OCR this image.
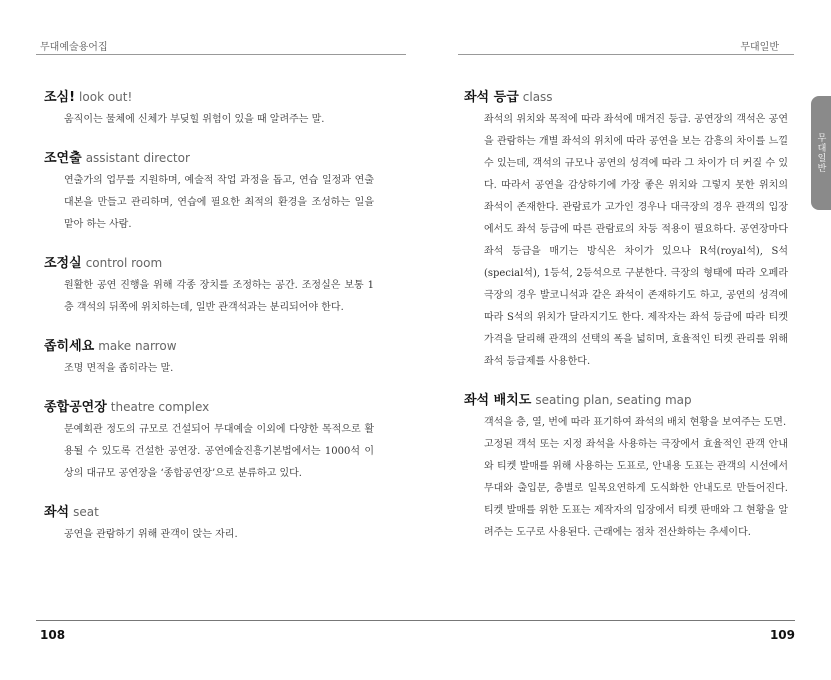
무대예술용어집	무대일반
무대일반
조심! look out!

움직이는 물체에 신체가 부딪힐 위험이 있을 때 알려주는 말.

조연출 assistant director

연출가의 업무를 지원하며, 예술적 작업 과정을 돕고, 연습 일정과 연출 대본을 만들고 관리하며, 연습에 필요한 최적의 환경을 조성하는 일을 맡아 하는 사람.

조정실 control room

원활한 공연 진행을 위해 각종 장치를 조정하는 공간. 조정실은 보통 1층 객석의 뒤쪽에 위치하는데, 일반 관객석과는 분리되어야 한다.

좁히세요 make narrow

조명 면적을 좁히라는 말.

종합공연장 theatre complex

문예회관 정도의 규모로 건설되어 무대예술 이외에 다양한 목적으로 활용될 수 있도록 건설한 공연장. 공연예술진흥기본법에서는 1000석 이상의 대규모 공연장을 ‘종합공연장’으로 분류하고 있다.

좌석 seat

공연을 관람하기 위해 관객이 앉는 자리.

좌석 등급 class

좌석의 위치와 목적에 따라 좌석에 매겨진 등급. 공연장의 객석은 공연을 관람하는 개별 좌석의 위치에 따라 공연을 보는 감흥의 차이를 느낄 수 있는데, 객석의 규모나 공연의 성격에 따라 그 차이가 더 커질 수 있다. 따라서 공연을 감상하기에 가장 좋은 위치와 그렇지 못한 위치의 좌석이 존재한다. 관람료가 고가인 경우나 대극장의 경우 관객의 입장에서도 좌석 등급에 따른 관람료의 차등 적용이 필요하다. 공연장마다 좌석 등급을 매기는 방식은 차이가 있으나 R석(royal석), S석(special석), 1등석, 2등석으로 구분한다. 극장의 형태에 따라 오페라극장의 경우 발코니석과 같은 좌석이 존재하기도 하고, 공연의 성격에 따라 S석의 위치가 달라지기도 한다. 제작자는 좌석 등급에 따라 티켓 가격을 달리해 관객의 선택의 폭을 넓히며, 효율적인 티켓 관리를 위해 좌석 등급제를 사용한다.

좌석 배치도 seating plan, seating map

객석을 층, 열, 번에 따라 표기하여 좌석의 배치 현황을 보여주는 도면.

고정된 객석 또는 지정 좌석을 사용하는 극장에서 효율적인 관객 안내와 티켓 발매를 위해 사용하는 도표로, 안내용 도표는 관객의 시선에서 무대와 출입문, 층별로 일목요연하게 도식화한 안내도로 만들어진다. 티켓 발매를 위한 도표는 제작자의 입장에서 티켓 판매와 그 현황을 알려주는 도구로 사용된다. 근래에는 점차 전산화하는 추세이다.

108	109
